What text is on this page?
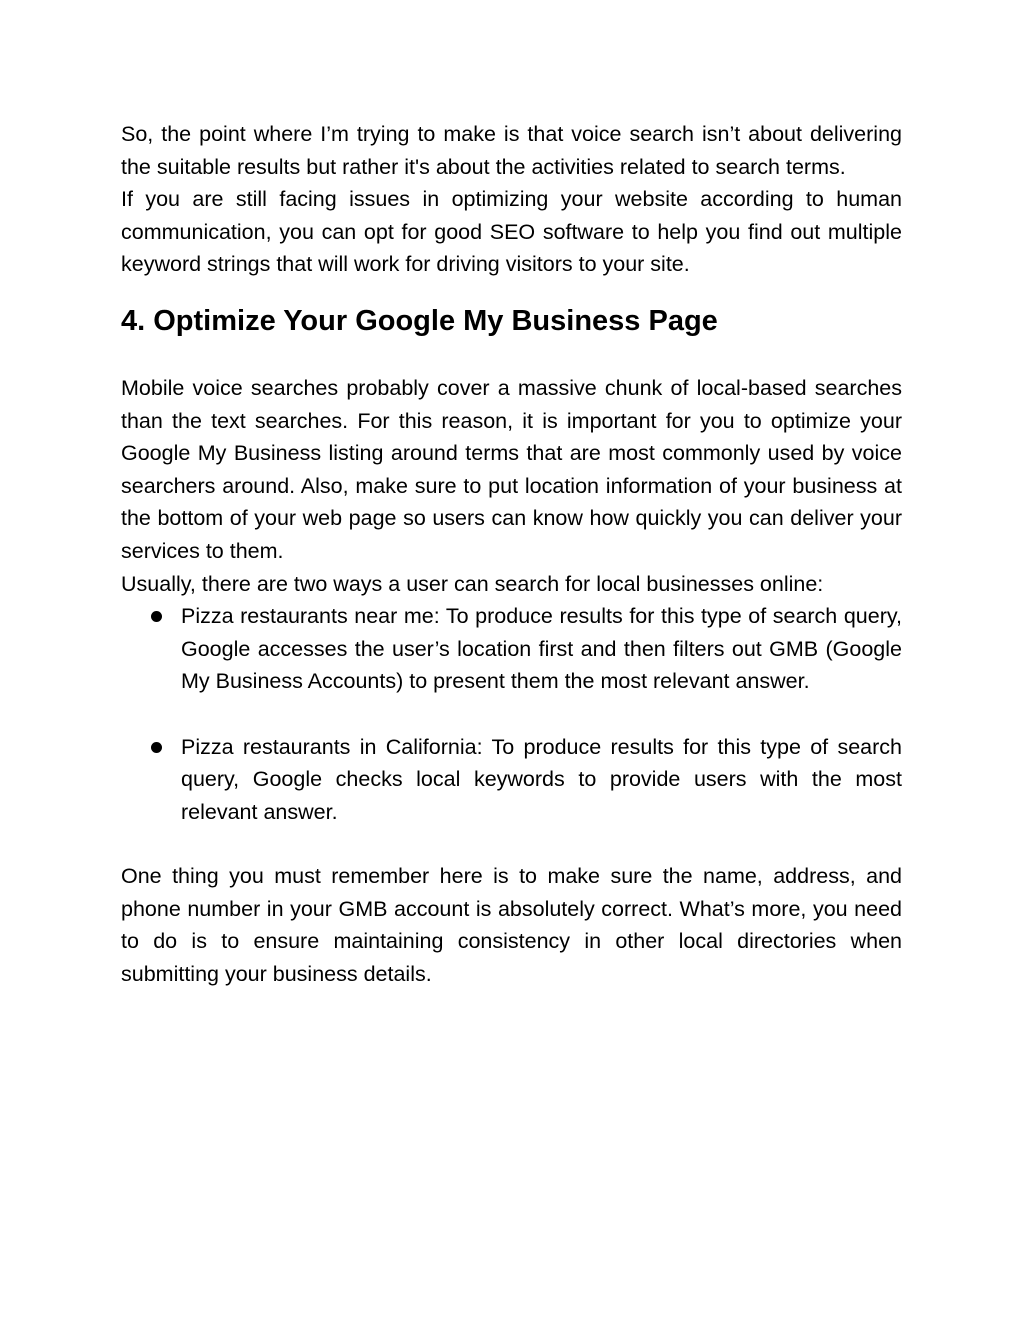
So, the point where I’m trying to make is that voice search isn’t about delivering the suitable results but rather it's about the activities related to search terms.

If you are still facing issues in optimizing your website according to human communication, you can opt for good SEO software to help you find out multiple keyword strings that will work for driving visitors to your site.

4. Optimize Your Google My Business Page

Mobile voice searches probably cover a massive chunk of local-based searches than the text searches. For this reason, it is important for you to optimize your Google My Business listing around terms that are most commonly used by voice searchers around. Also, make sure to put location information of your business at the bottom of your web page so users can know how quickly you can deliver your services to them.

Usually, there are two ways a user can search for local businesses online:

Pizza restaurants near me: To produce results for this type of search query, Google accesses the user’s location first and then filters out GMB (Google My Business Accounts) to present them the most relevant answer.
Pizza restaurants in California: To produce results for this type of search query, Google checks local keywords to provide users with the most relevant answer.

One thing you must remember here is to make sure the name, address, and phone number in your GMB account is absolutely correct. What’s more, you need to do is to ensure maintaining consistency in other local directories when submitting your business details.
